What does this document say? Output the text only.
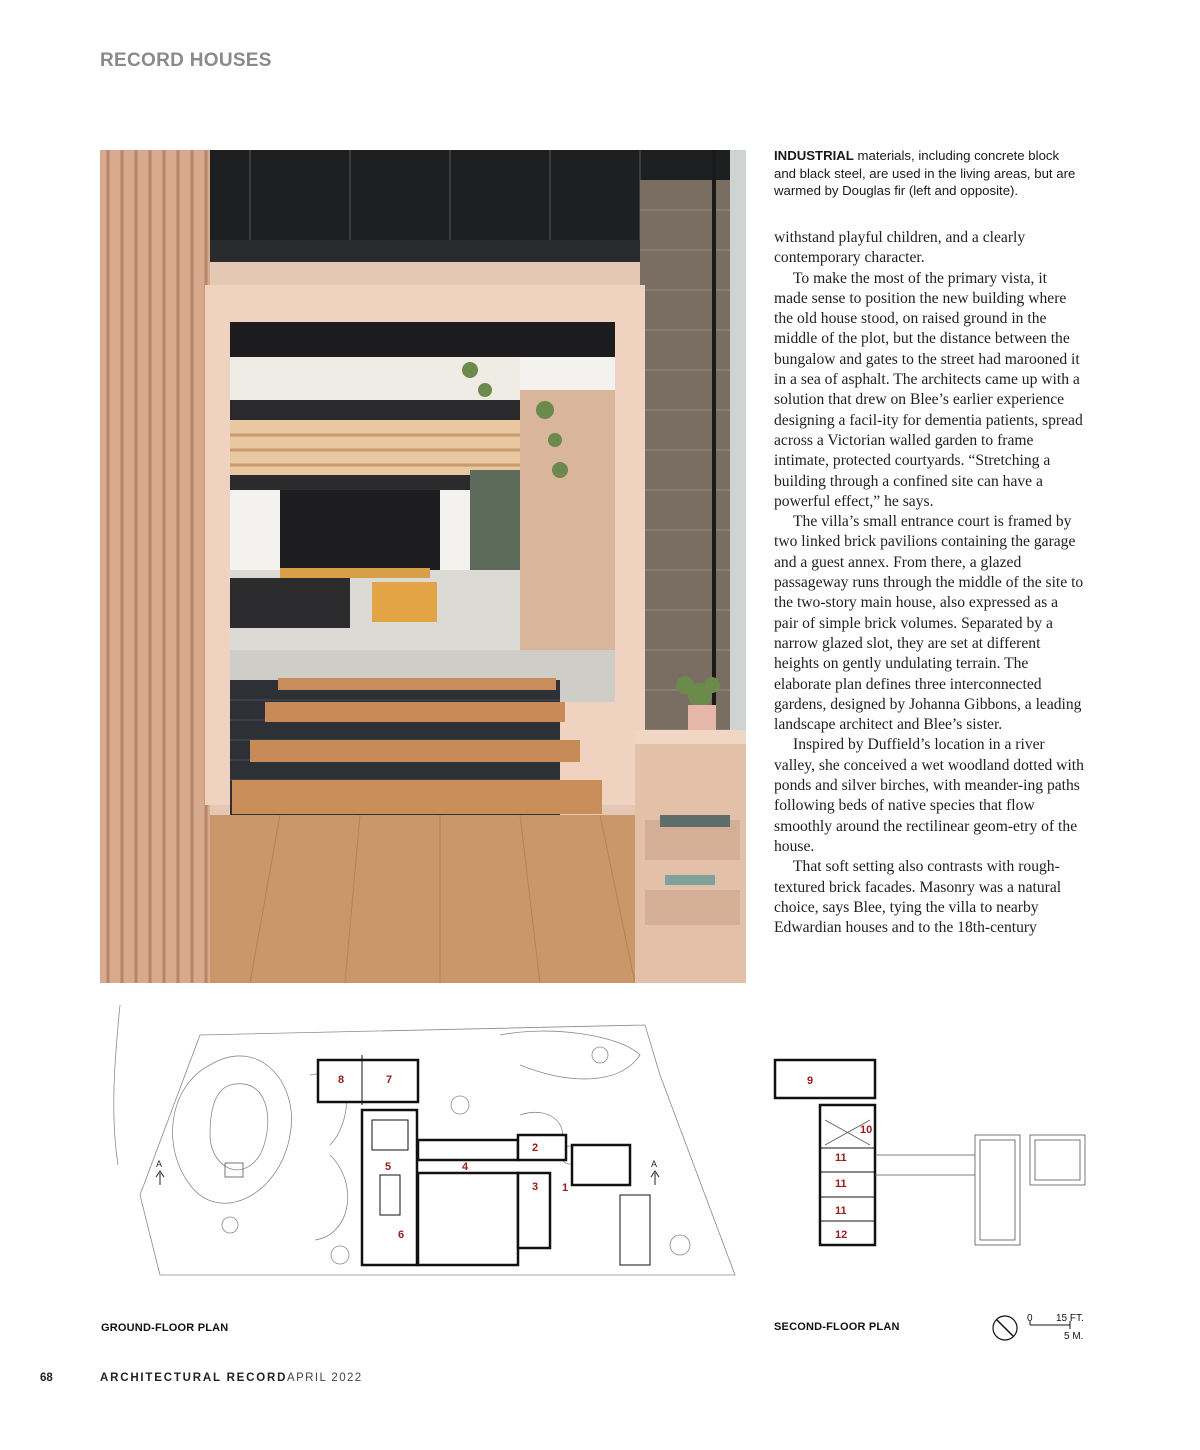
RECORD HOUSES
INDUSTRIAL materials, including concrete block and black steel, are used in the living areas, but are warmed by Douglas fir (left and opposite).

withstand playful children, and a clearly contemporary character.

To make the most of the primary vista, it made sense to position the new building where the old house stood, on raised ground in the middle of the plot, but the distance between the bungalow and gates to the street had marooned it in a sea of asphalt. The architects came up with a solution that drew on Blee’s earlier experience designing a facil-ity for dementia patients, spread across a Victorian walled garden to frame intimate, protected courtyards. “Stretching a building through a confined site can have a powerful effect,” he says.

The villa’s small entrance court is framed by two linked brick pavilions containing the garage and a guest annex. From there, a glazed passageway runs through the middle of the site to the two-story main house, also expressed as a pair of simple brick volumes. Separated by a narrow glazed slot, they are set at different heights on gently undulating terrain. The elaborate plan defines three interconnected gardens, designed by Johanna Gibbons, a leading landscape architect and Blee’s sister.

Inspired by Duffield’s location in a river valley, she conceived a wet woodland dotted with ponds and silver birches, with meander-ing paths following beds of native species that flow smoothly around the rectilinear geom-etry of the house.

That soft setting also contrasts with rough-textured brick facades. Masonry was a natural choice, says Blee, tying the villa to nearby Edwardian houses and to the 18th-century

1
2
3
4
5
6
7
8
A	A
GROUND-FLOOR PLAN
9
10
11
11
11
12
SECOND-FLOOR PLAN
0 15 FT.
5 M.
68	ARCHITECTURAL RECORD APRIL 2022
